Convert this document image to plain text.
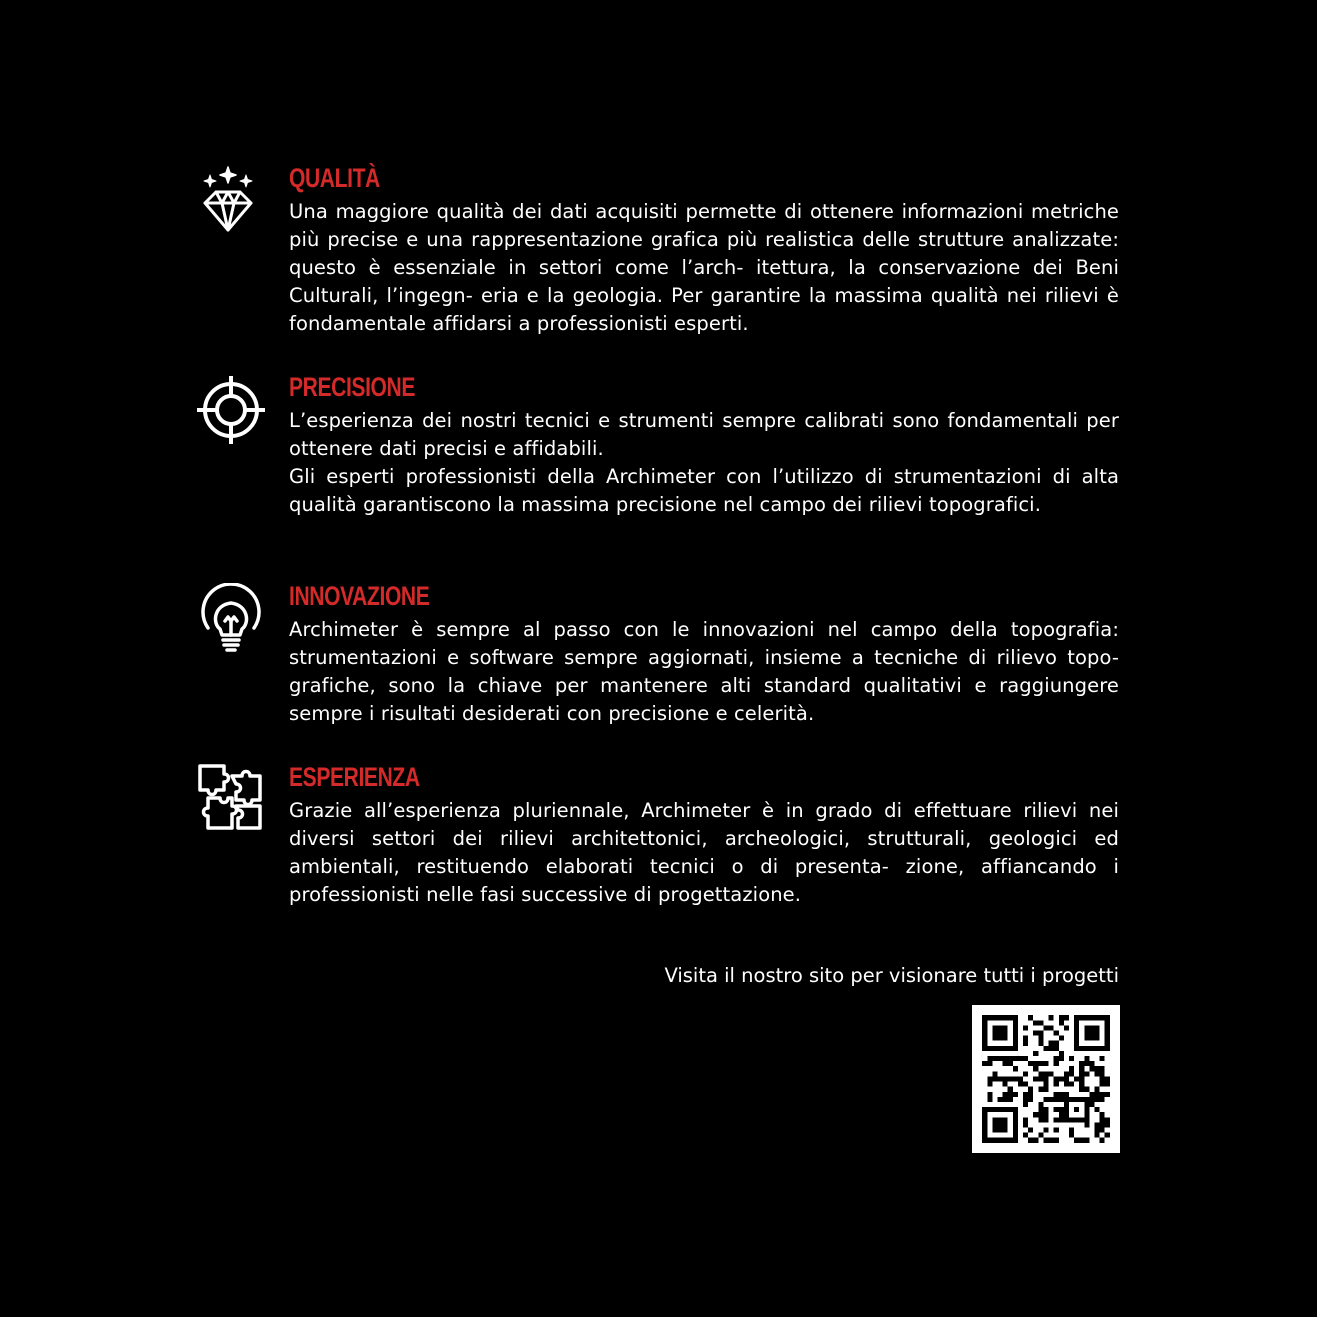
QUALITÀ

Una maggiore qualità dei dati acquisiti permette di ottenere informazioni metriche più precise e una rappresentazione grafica più realistica delle strutture analizzate: questo è essenziale in settori come l’arch- itettura, la conservazione dei Beni Culturali, l’ingegn- eria e la geologia. Per garantire la massima qualità nei rilievi è fondamentale affidarsi a professionisti esperti.

PRECISIONE

L’esperienza dei nostri tecnici e strumenti sempre calibrati sono fondamentali per ottenere dati precisi e affidabili.

Gli esperti professionisti della Archimeter con l’utilizzo di strumentazioni di alta qualità garantiscono la massima precisione nel campo dei rilievi topografici.

INNOVAZIONE

Archimeter è sempre al passo con le innovazioni nel campo della topografia: strumentazioni e software sempre aggiornati, insieme a tecniche di rilievo topo- grafiche, sono la chiave per mantenere alti standard qualitativi e raggiungere sempre i risultati desiderati con precisione e celerità.

ESPERIENZA

Grazie all’esperienza pluriennale, Archimeter è in grado di effettuare rilievi nei diversi settori dei rilievi architettonici, archeologici, strutturali, geologici ed ambientali, restituendo elaborati tecnici o di presenta- zione, affiancando i professionisti nelle fasi successive di progettazione.

Visita il nostro sito per visionare tutti i progetti
